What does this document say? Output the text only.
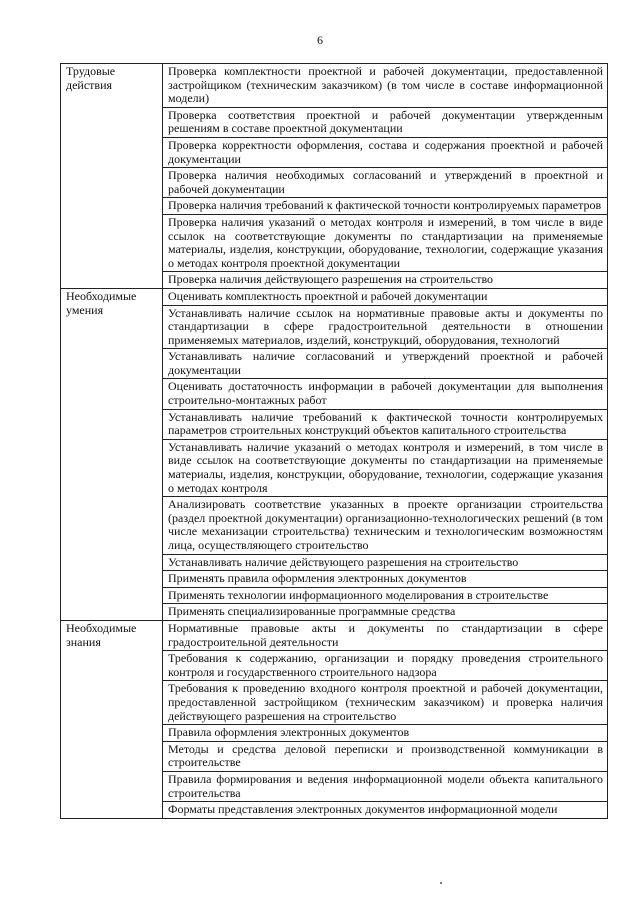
6
Трудовые действия	Проверка комплектности проектной и рабочей документации, предоставленной застройщиком (техническим заказчиком) (в том числе в составе информационной модели)
	Проверка соответствия проектной и рабочей документации утвержденным решениям в составе проектной документации
	Проверка корректности оформления, состава и содержания проектной и рабочей документации
	Проверка наличия необходимых согласований и утверждений в проектной и рабочей документации
	Проверка наличия требований к фактической точности контролируемых параметров
	Проверка наличия указаний о методах контроля и измерений, в том числе в виде ссылок на соответствующие документы по стандартизации на применяемые материалы, изделия, конструкции, оборудование, технологии, содержащие указания о методах контроля проектной документации
	Проверка наличия действующего разрешения на строительство
Необходимые умения	Оценивать комплектность проектной и рабочей документации
	Устанавливать наличие ссылок на нормативные правовые акты и документы по стандартизации в сфере градостроительной деятельности в отношении применяемых материалов, изделий, конструкций, оборудования, технологий
	Устанавливать наличие согласований и утверждений проектной и рабочей документации
	Оценивать достаточность информации в рабочей документации для выполнения строительно-монтажных работ
	Устанавливать наличие требований к фактической точности контролируемых параметров строительных конструкций объектов капитального строительства
	Устанавливать наличие указаний о методах контроля и измерений, в том числе в виде ссылок на соответствующие документы по стандартизации на применяемые материалы, изделия, конструкции, оборудование, технологии, содержащие указания о методах контроля
	Анализировать соответствие указанных в проекте организации строительства (раздел проектной документации) организационно-технологических решений (в том числе механизации строительства) техническим и технологическим возможностям лица, осуществляющего строительство
	Устанавливать наличие действующего разрешения на строительство
	Применять правила оформления электронных документов
	Применять технологии информационного моделирования в строительстве
	Применять специализированные программные средства
Необходимые знания	Нормативные правовые акты и документы по стандартизации в сфере градостроительной деятельности
	Требования к содержанию, организации и порядку проведения строительного контроля и государственного строительного надзора
	Требования к проведению входного контроля проектной и рабочей документации, предоставленной застройщиком (техническим заказчиком) и проверка наличия действующего разрешения на строительство
	Правила оформления электронных документов
	Методы и средства деловой переписки и производственной коммуникации в строительстве
	Правила формирования и ведения информационной модели объекта капитального строительства
	Форматы представления электронных документов информационной модели
